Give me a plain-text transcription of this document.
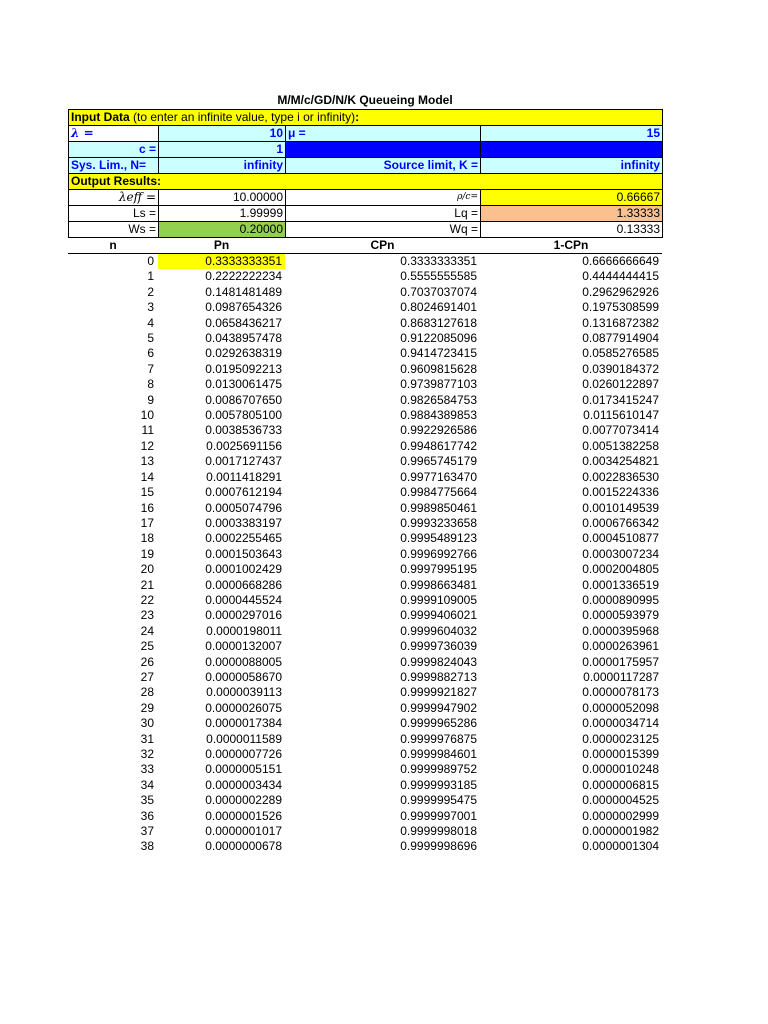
M/M/c/GD/N/K Queueing Model
Input Data (to enter an infinite value, type i or infinity):			
λ =	10	μ =	15
c =	1		
Sys. Lim., N=	infinity	Source limit, K =	infinity
Output Results:			
λeff =	10.00000	ρ/c=	0.66667
Ls =	1.99999	Lq =	1.33333
Ws =	0.20000	Wq =	0.13333
n	Pn	CPn	1-CPn
0	0.3333333351	0.3333333351	0.6666666649
1	0.2222222234	0.5555555585	0.4444444415
2	0.1481481489	0.7037037074	0.2962962926
3	0.0987654326	0.8024691401	0.1975308599
4	0.0658436217	0.8683127618	0.1316872382
5	0.0438957478	0.9122085096	0.0877914904
6	0.0292638319	0.9414723415	0.0585276585
7	0.0195092213	0.9609815628	0.0390184372
8	0.0130061475	0.9739877103	0.0260122897
9	0.0086707650	0.9826584753	0.0173415247
10	0.0057805100	0.9884389853	0.0115610147
11	0.0038536733	0.9922926586	0.0077073414
12	0.0025691156	0.9948617742	0.0051382258
13	0.0017127437	0.9965745179	0.0034254821
14	0.0011418291	0.9977163470	0.0022836530
15	0.0007612194	0.9984775664	0.0015224336
16	0.0005074796	0.9989850461	0.0010149539
17	0.0003383197	0.9993233658	0.0006766342
18	0.0002255465	0.9995489123	0.0004510877
19	0.0001503643	0.9996992766	0.0003007234
20	0.0001002429	0.9997995195	0.0002004805
21	0.0000668286	0.9998663481	0.0001336519
22	0.0000445524	0.9999109005	0.0000890995
23	0.0000297016	0.9999406021	0.0000593979
24	0.0000198011	0.9999604032	0.0000395968
25	0.0000132007	0.9999736039	0.0000263961
26	0.0000088005	0.9999824043	0.0000175957
27	0.0000058670	0.9999882713	0.0000117287
28	0.0000039113	0.9999921827	0.0000078173
29	0.0000026075	0.9999947902	0.0000052098
30	0.0000017384	0.9999965286	0.0000034714
31	0.0000011589	0.9999976875	0.0000023125
32	0.0000007726	0.9999984601	0.0000015399
33	0.0000005151	0.9999989752	0.0000010248
34	0.0000003434	0.9999993185	0.0000006815
35	0.0000002289	0.9999995475	0.0000004525
36	0.0000001526	0.9999997001	0.0000002999
37	0.0000001017	0.9999998018	0.0000001982
38	0.0000000678	0.9999998696	0.0000001304
